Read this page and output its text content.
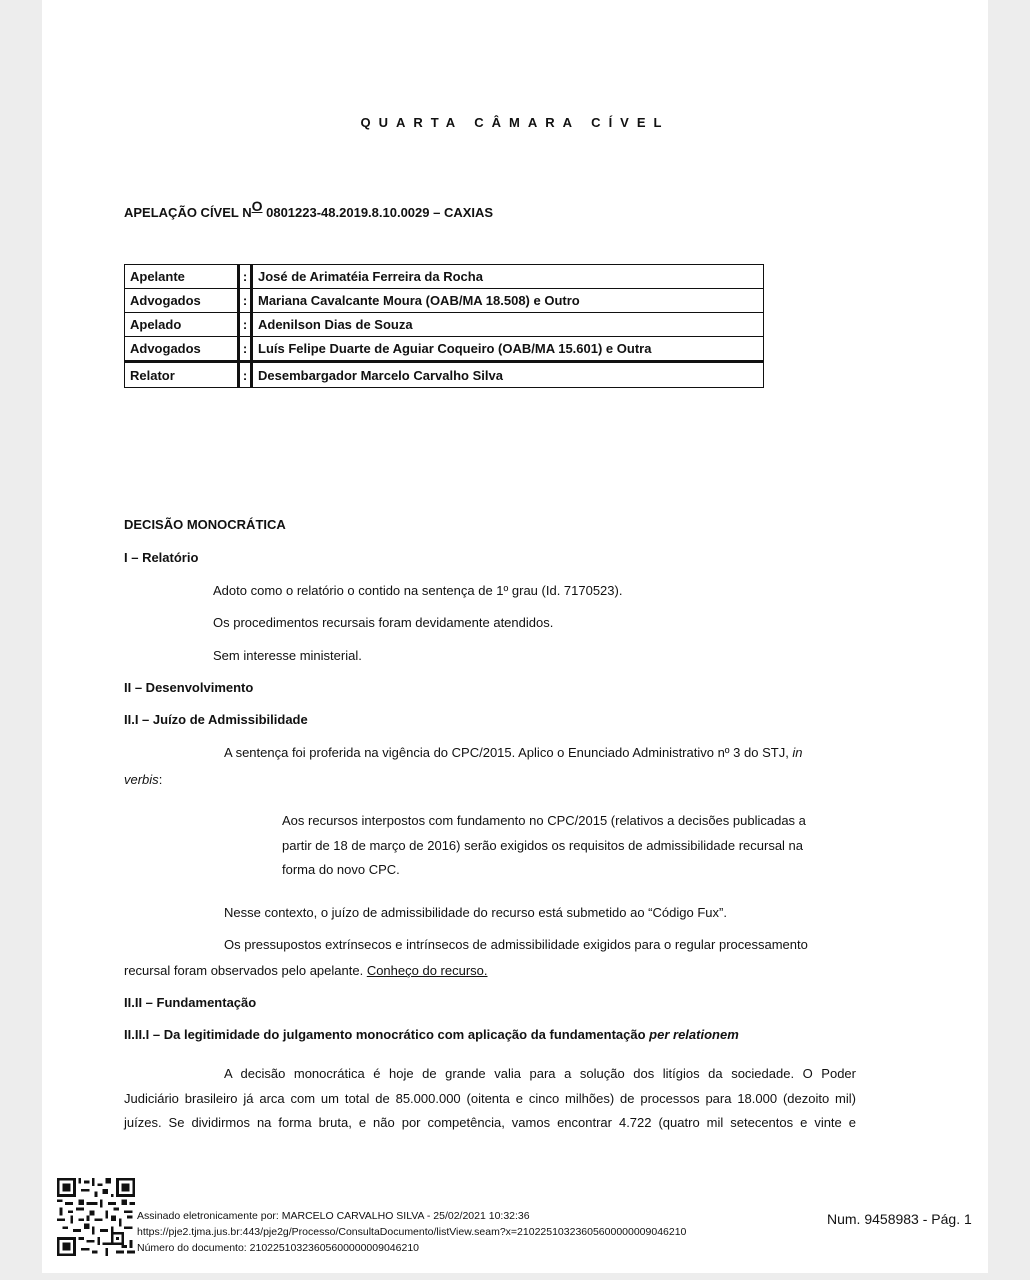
QUARTA CÂMARA CÍVEL
APELAÇÃO CÍVEL $N^O$ 0801223-48.2019.8.10.0029 – CAXIAS
Apelante	:	José de Arimatéia Ferreira da Rocha
Advogados	:	Mariana Cavalcante Moura (OAB/MA 18.508) e Outro
Apelado	:	Adenilson Dias de Souza
Advogados	:	Luís Felipe Duarte de Aguiar Coqueiro (OAB/MA 15.601) e Outra
Relator	:	Desembargador Marcelo Carvalho Silva
DECISÃO MONOCRÁTICA
I – Relatório
Adoto como o relatório o contido na sentença de 1º grau (Id. 7170523).
Os procedimentos recursais foram devidamente atendidos.
Sem interesse ministerial.
II – Desenvolvimento
II.I – Juízo de Admissibilidade
A sentença foi proferida na vigência do CPC/2015. Aplico o Enunciado Administrativo nº 3 do STJ, in
verbis:
Aos recursos interpostos com fundamento no CPC/2015 (relativos a decisões publicadas a
partir de 18 de março de 2016) serão exigidos os requisitos de admissibilidade recursal na
forma do novo CPC.
Nesse contexto, o juízo de admissibilidade do recurso está submetido ao “Código Fux”.
Os pressupostos extrínsecos e intrínsecos de admissibilidade exigidos para o regular processamento
recursal foram observados pelo apelante. Conheço do recurso.
II.II – Fundamentação
II.II.I – Da legitimidade do julgamento monocrático com aplicação da fundamentação per relationem
A decisão monocrática é hoje de grande valia para a solução dos litígios da sociedade. O Poder
Judiciário brasileiro já arca com um total de 85.000.000 (oitenta e cinco milhões) de processos para 18.000 (dezoito mil)
juízes. Se dividirmos na forma bruta, e não por competência, vamos encontrar 4.722 (quatro mil setecentos e vinte e
Assinado eletronicamente por: MARCELO CARVALHO SILVA - 25/02/2021 10:32:36
https://pje2.tjma.jus.br:443/pje2g/Processo/ConsultaDocumento/listView.seam?x=21022510323605600000009046210
Número do documento: 21022510323605600000009046210
Num. 9458983 - Pág. 1
